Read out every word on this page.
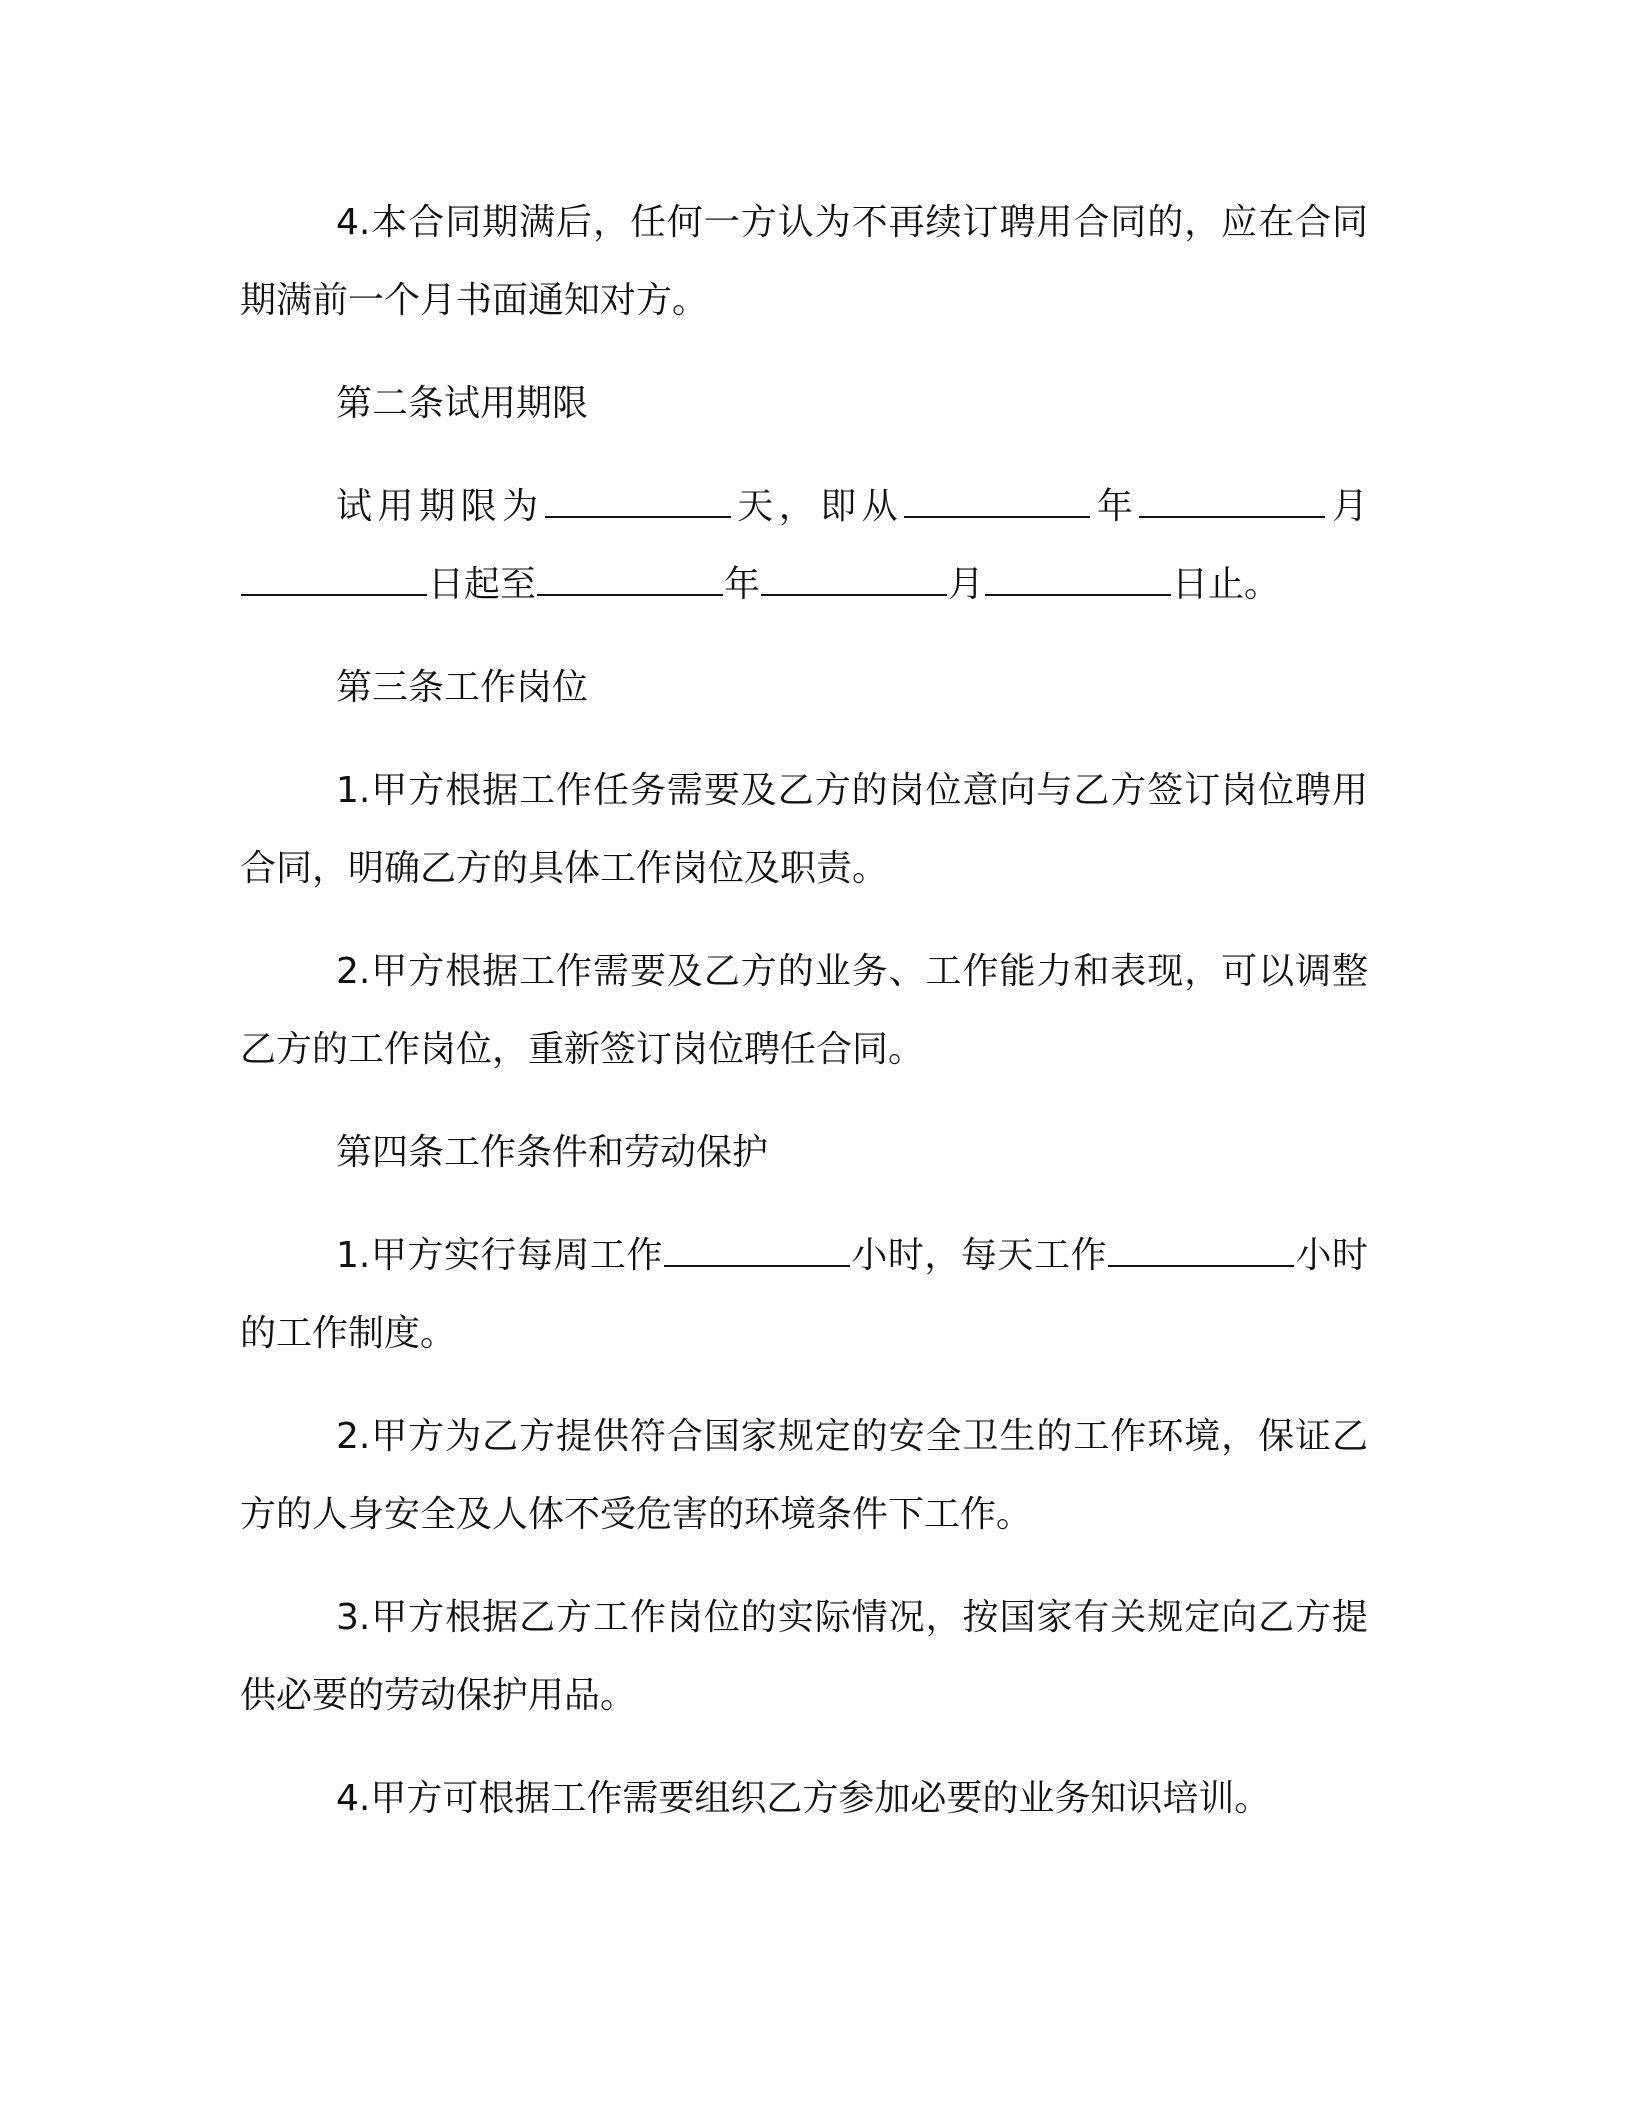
4.本合同期满后，任何一方认为不再续订聘用合同的，应在合同期满前一个月书面通知对方。

第二条试用期限

试用期限为	天，即从	年	月日起至	年	月	日止。

第三条工作岗位

1.甲方根据工作任务需要及乙方的岗位意向与乙方签订岗位聘用合同，明确乙方的具体工作岗位及职责。

2.甲方根据工作需要及乙方的业务、工作能力和表现，可以调整乙方的工作岗位，重新签订岗位聘任合同。

第四条工作条件和劳动保护

1.甲方实行每周工作	小时，每天工作	小时的工作制度。

2.甲方为乙方提供符合国家规定的安全卫生的工作环境，保证乙方的人身安全及人体不受危害的环境条件下工作。

3.甲方根据乙方工作岗位的实际情况，按国家有关规定向乙方提供必要的劳动保护用品。

4.甲方可根据工作需要组织乙方参加必要的业务知识培训。
